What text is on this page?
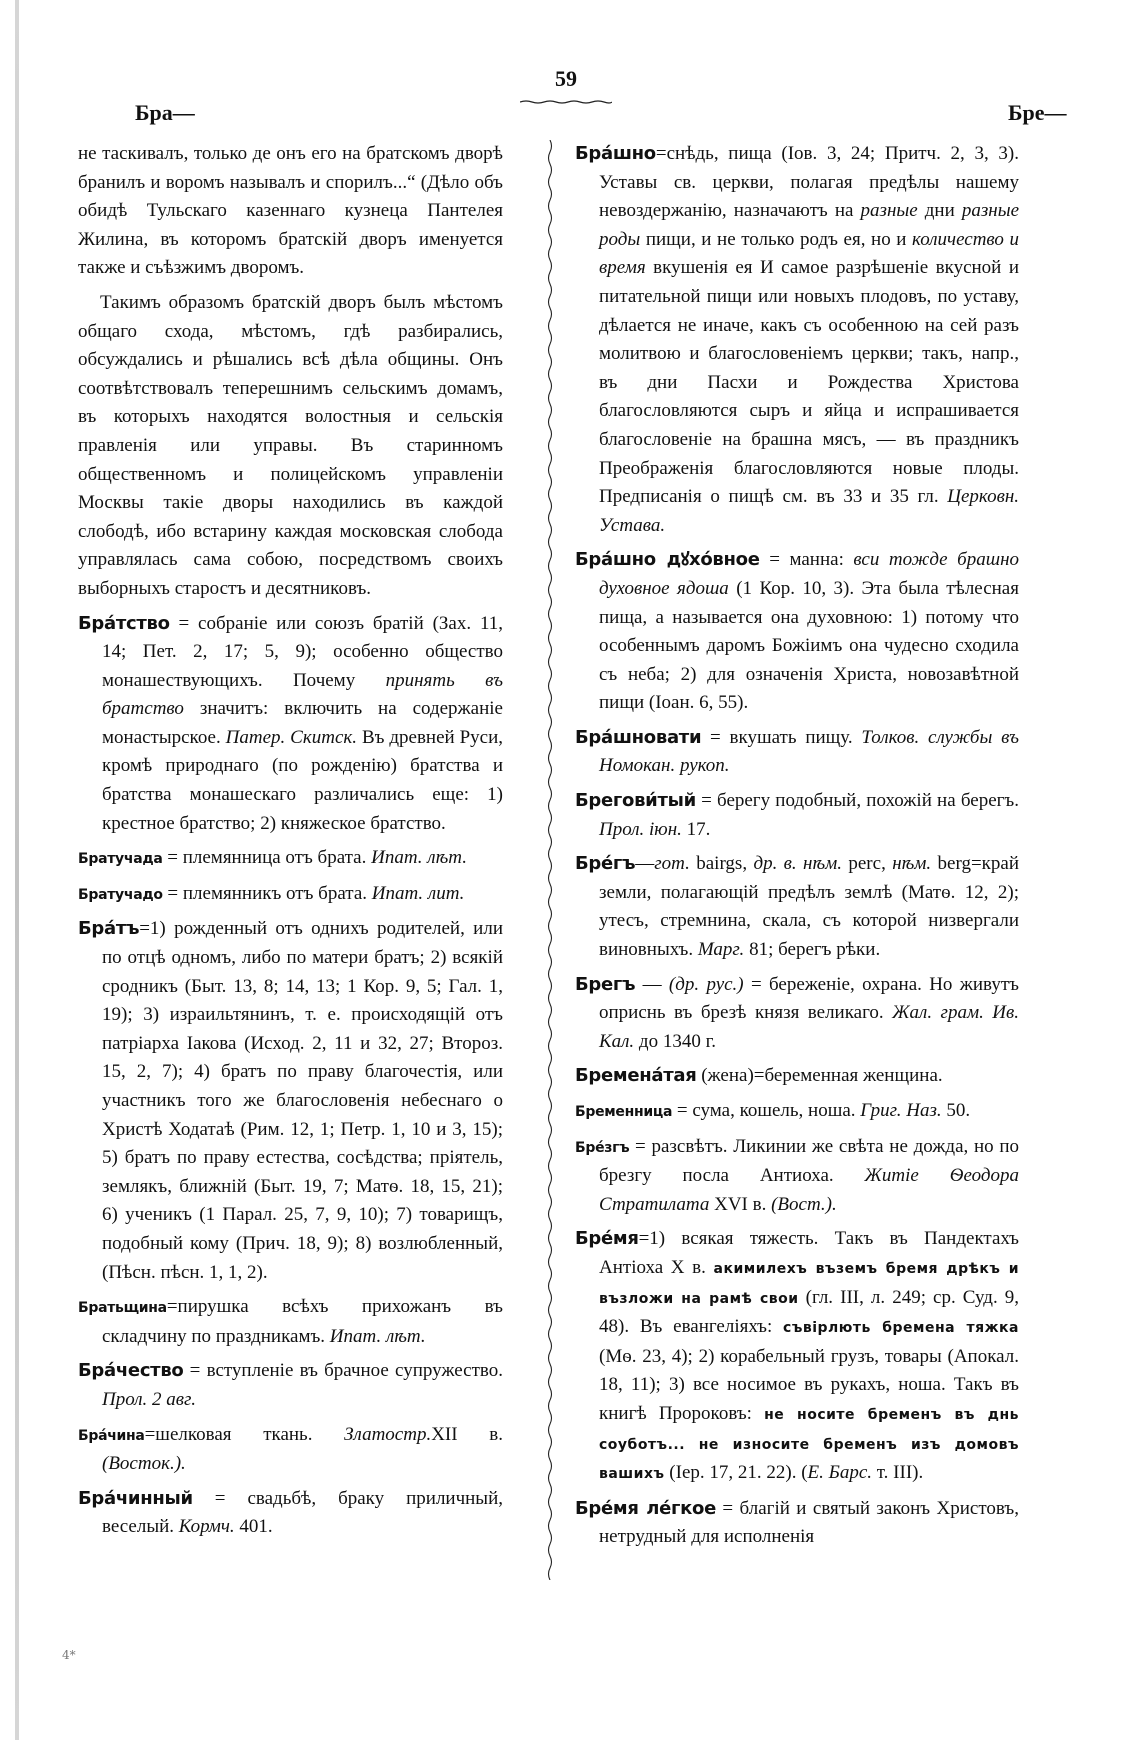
59
Бра—	Бре—

не таскивалъ, только де онъ его на братскомъ дворѣ бранилъ и воромъ называлъ и спорилъ...“ (Дѣло объ обидѣ Тульскаго казеннаго кузнеца Пантелея Жилина, въ которомъ братскій дворъ именуется также и съѣзжимъ дворомъ.

Такимъ образомъ братскій дворъ былъ мѣстомъ общаго схода, мѣстомъ, гдѣ разбирались, обсуждались и рѣшались всѣ дѣла общины. Онъ соотвѣтствовалъ теперешнимъ сельскимъ домамъ, въ которыхъ находятся волостныя и сельскія правленія или управы. Въ старинномъ общественномъ и полицейскомъ управленіи Москвы такіе дворы находились въ каждой слободѣ, ибо встарину каждая московская слобода управлялась сама собою, посредствомъ своихъ выборныхъ старостъ и десятниковъ.

Бра́тство = собраніе или союзъ братій (Зах. 11, 14; Пет. 2, 17; 5, 9); особенно общество монашествующихъ. Почему принять въ братство значитъ: включить на содержаніе монастырское. Патер. Скитск. Въ древней Руси, кромѣ природнаго (по рожденію) братства и братства монашескаго различались еще: 1) крестное братство; 2) княжеское братство.

Братучада = племянница отъ брата. Ипат. лѣт.

Братучадо = племянникъ отъ брата. Ипат. лит.

Бра́тъ=1) рожденный отъ однихъ родителей, или по отцѣ одномъ, либо по матери братъ; 2) всякій сродникъ (Быт. 13, 8; 14, 13; 1 Кор. 9, 5; Гал. 1, 19); 3) израильтянинъ, т. е. происходящій отъ патріарха Іакова (Исход. 2, 11 и 32, 27; Второз. 15, 2, 7); 4) братъ по праву благочестія, или участникъ того же благословенія небеснаго о Христѣ Ходатаѣ (Рим. 12, 1; Петр. 1, 10 и 3, 15); 5) братъ по праву естества, сосѣдства; пріятель, землякъ, ближній (Быт. 19, 7; Матѳ. 18, 15, 21); 6) ученикъ (1 Парал. 25, 7, 9, 10); 7) товарищъ, подобный кому (Прич. 18, 9); 8) возлюбленный, (Пѣсн. пѣсн. 1, 1, 2).

Братьщина=пирушка всѣхъ прихожанъ въ складчину по праздникамъ. Ипат. лѣт.

Бра́чество = вступленіе въ брачное супружество. Прол. 2 авг.

Бра́чина=шелковая ткань. Златостр.XII в. (Восток.).

Бра́чинный = свадьбѣ, браку приличный, веселый. Кормч. 401.

Бра́шно=снѣдь, пища (Іов. 3, 24; Притч. 2, 3, 3). Уставы св. церкви, полагая предѣлы нашему невоздержанію, назначаютъ на разные дни разные роды пищи, и не только родъ ея, но и количество и время вкушенія ея И самое разрѣшеніе вкусной и питательной пищи или новыхъ плодовъ, по уставу, дѣлается не иначе, какъ съ особенною на сей разъ молитвою и благословеніемъ церкви; такъ, напр., въ дни Пасхи и Рождества Христова благословляются сыръ и яйца и испрашивается благословеніе на брашна мясъ, — въ праздникъ Преображенія благословляются новые плоды. Предписанія о пищѣ см. въ 33 и 35 гл. Церковн. Устава.

Бра́шно дꙋхо́вное = манна: вси тожде брашно духовное ядоша (1 Кор. 10, 3). Эта была тѣлесная пища, а называется она духовною: 1) потому что особеннымъ даромъ Божіимъ она чудесно сходила съ неба; 2) для означенія Христа, новозавѣтной пищи (Іоан. 6, 55).

Бра́шновати = вкушать пищу. Толков. службы въ Номокан. рукоп.

Брегови́тый = берегу подобный, похожій на берегъ. Прол. іюн. 17.

Бре́гъ—гот. bairgs, др. в. нѣм. perc, нѣм. berg=край земли, полагающій предѣлъ землѣ (Матѳ. 12, 2); утесъ, стремнина, скала, съ которой низвергали виновныхъ. Марг. 81; берегъ рѣки.

Брегъ — (др. рус.) = береженіе, охрана. Но живутъ оприснь въ брезѣ князя великаго. Жал. грам. Ив. Кал. до 1340 г.

Бремена́тая (жена)=беременная женщина.

Бременница = сума, кошель, ноша. Григ. Наз. 50.

Бре́згъ = разсвѣтъ. Ликинии же свѣта не дожда, но по брезгу посла Антиоха. Житіе Ѳеодора Стратилата XVI в. (Вост.).

Бре́мя=1) всякая тяжесть. Такъ въ Пандектахъ Антіоха X в. акимилехъ въземъ бремя дрѣкъ и възложи на рамѣ свои (гл. III, л. 249; ср. Суд. 9, 48). Въ евангеліяхъ: съвірлють бремена тяжка (Мѳ. 23, 4); 2) корабельный грузъ, товары (Апокал. 18, 11); 3) все носимое въ рукахъ, ноша. Такъ въ книгѣ Пророковъ: не носите бременъ въ днь соуботъ... не износите бременъ изъ домовъ вашихъ (Іер. 17, 21. 22). (Е. Барс. т. III).

Бре́мя ле́гкое = благій и святый законъ Христовъ, нетрудный для исполненія

4*
